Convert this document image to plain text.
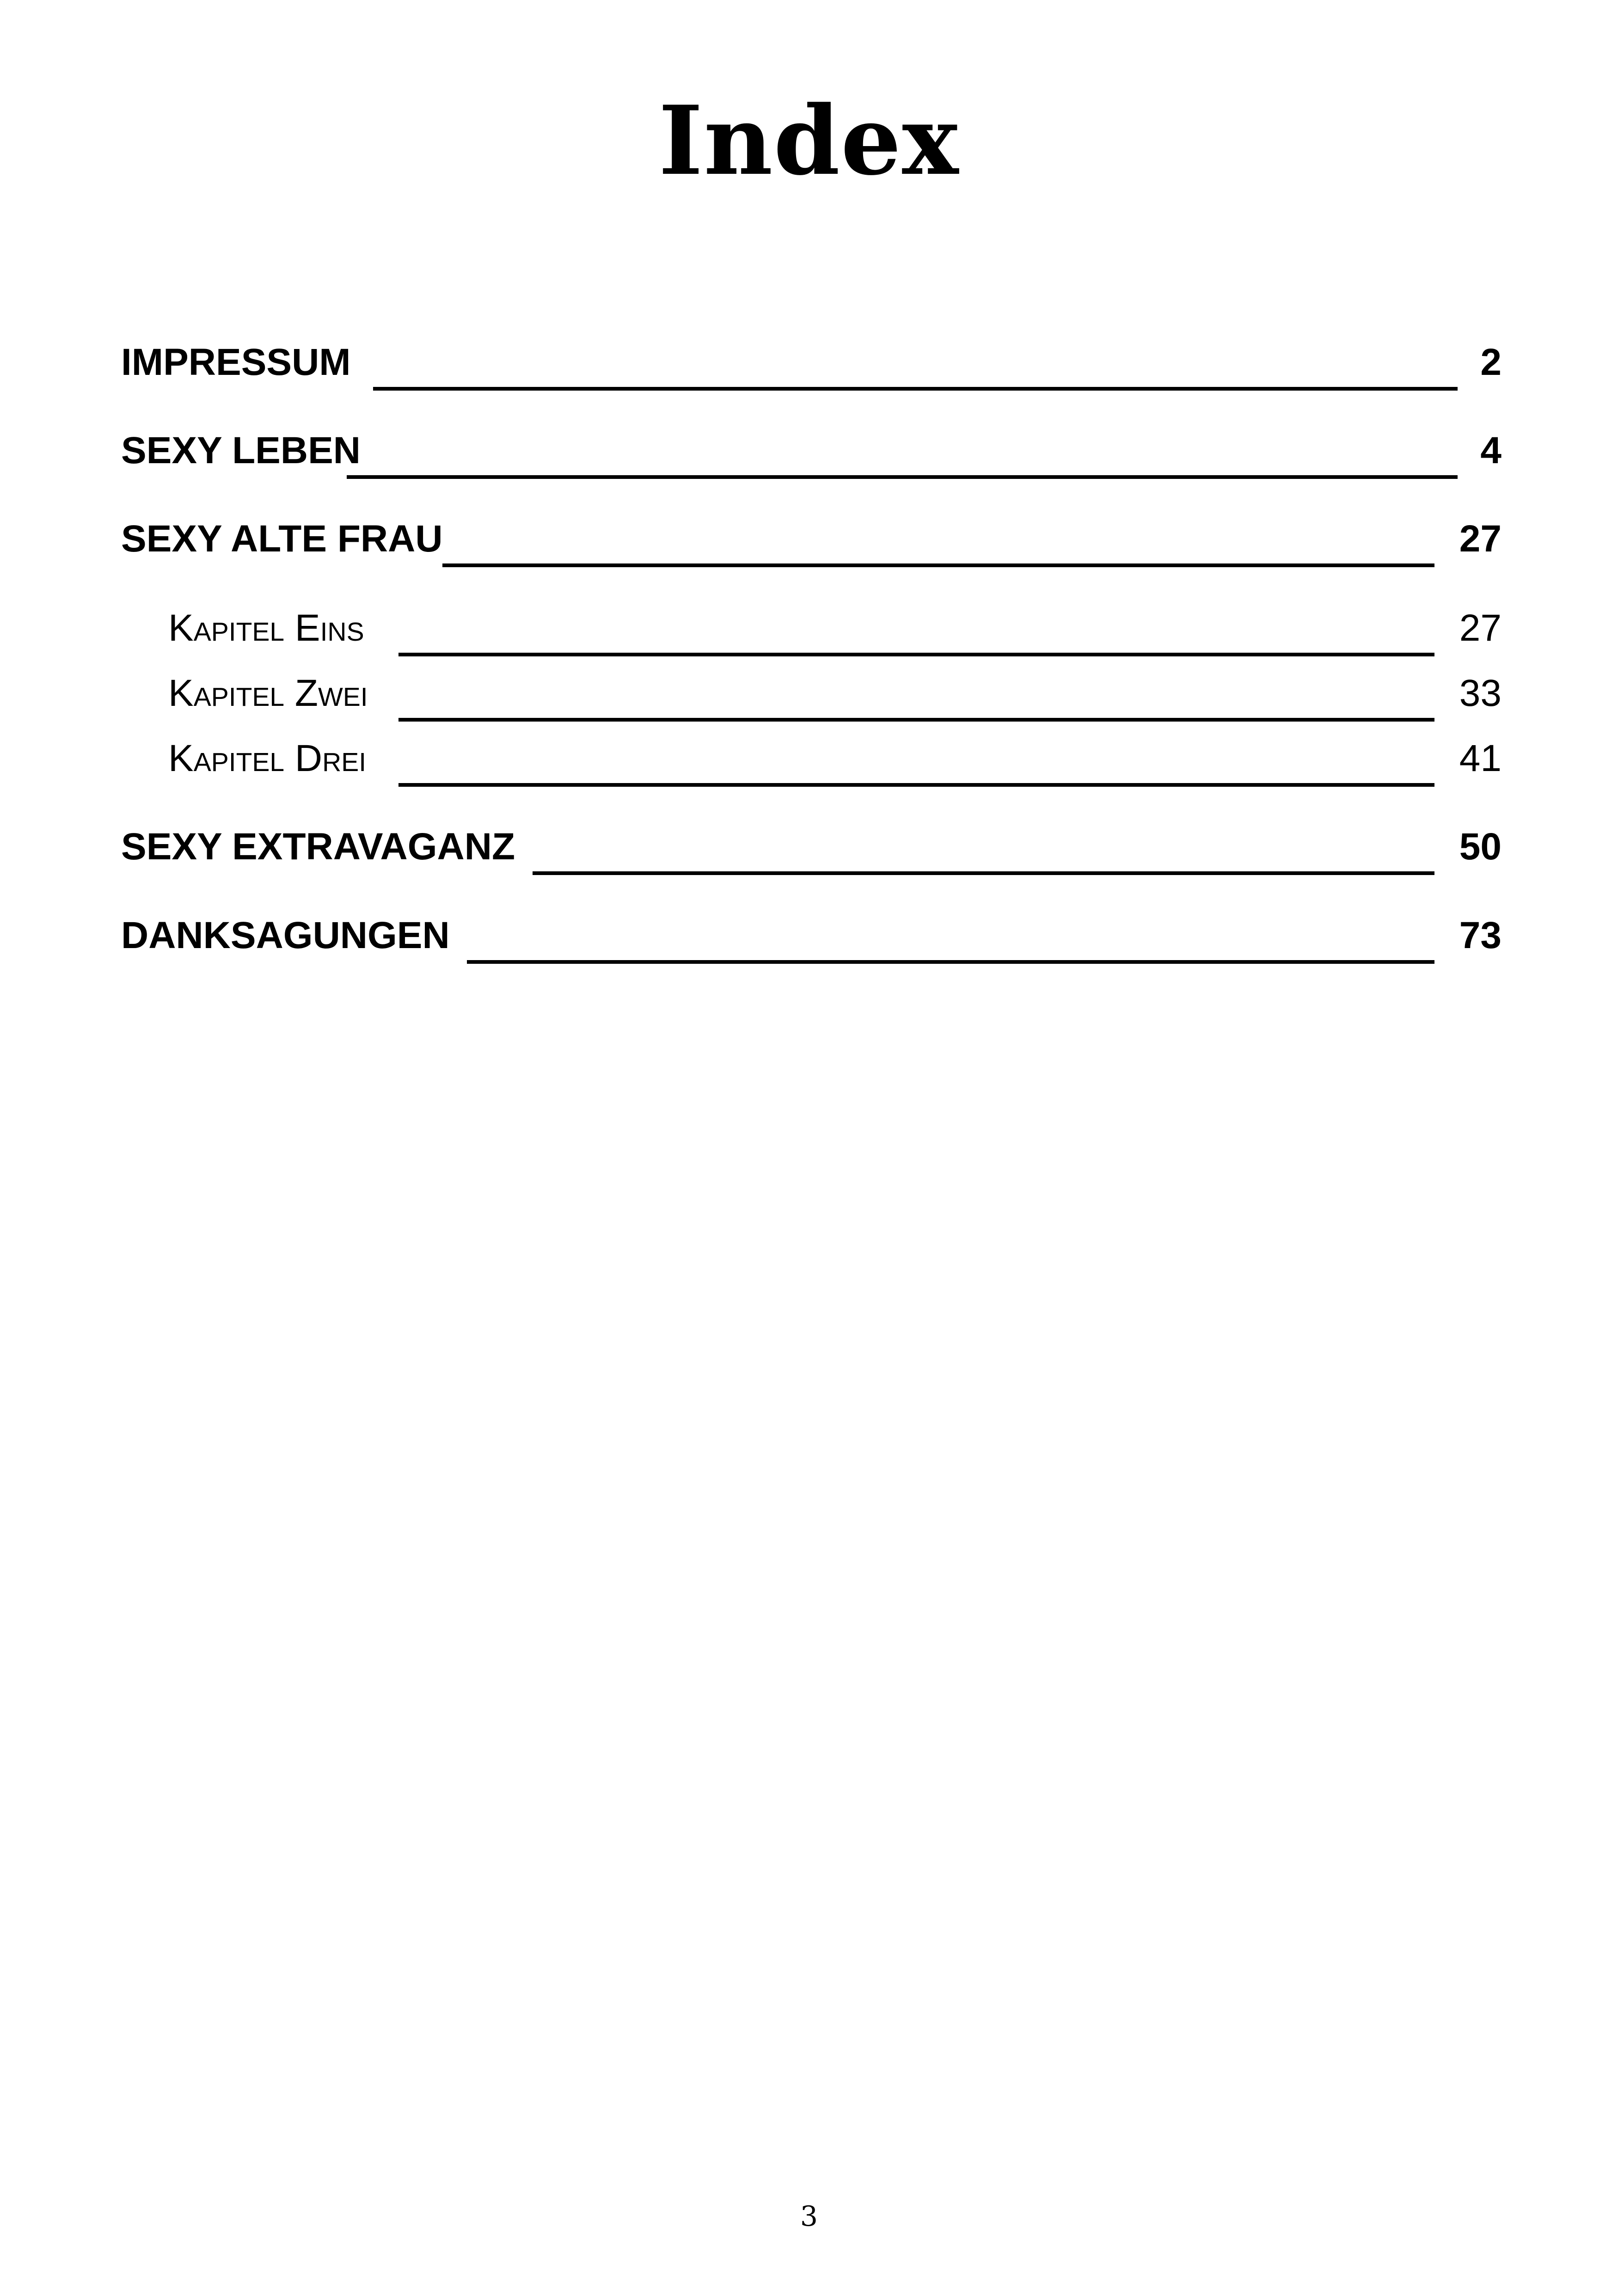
Index
IMPRESSUM	2
SEXY LEBEN	4
SEXY ALTE FRAU	27
Kapitel Eins	27
Kapitel Zwei	33
Kapitel Drei	41
SEXY EXTRAVAGANZ	50
DANKSAGUNGEN	73
3
